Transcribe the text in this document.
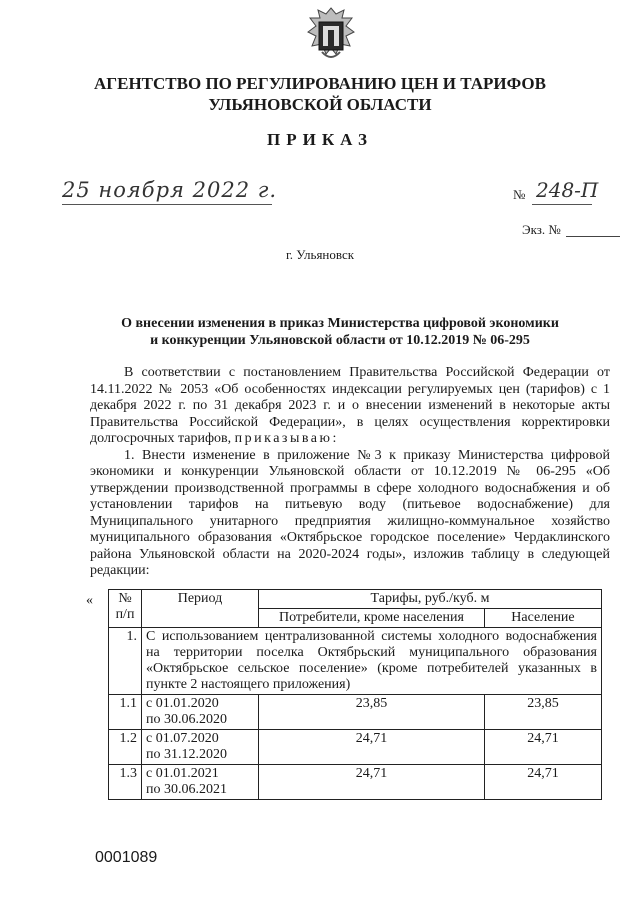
АГЕНТСТВО ПО РЕГУЛИРОВАНИЮ ЦЕН И ТАРИФОВ
УЛЬЯНОВСКОЙ ОБЛАСТИ
ПРИКАЗ
25 ноября 2022 г.	№ 248-П
Экз. №
г. Ульяновск
О внесении изменения в приказ Министерства цифровой экономики
и конкуренции Ульяновской области от 10.12.2019 № 06-295

В соответствии с постановлением Правительства Российской Федерации от 14.11.2022 № 2053 «Об особенностях индексации регулируемых цен (тарифов) с 1 декабря 2022 г. по 31 декабря 2023 г. и о внесении изменений в некоторые акты Правительства Российской Федерации», в целях осуществления корректировки долгосрочных тарифов, приказываю:

1. Внести изменение в приложение №3 к приказу Министерства цифровой экономики и конкуренции Ульяновской области от 10.12.2019 № 06-295 «Об утверждении производственной программы в сфере холодного водоснабжения и об установлении тарифов на питьевую воду (питьевое водоснабжение) для Муниципального унитарного предприятия жилищно-коммунальное хозяйство муниципального образования «Октябрьское городское поселение» Чердаклинского района Ульяновской области на 2020-2024 годы», изложив таблицу в следующей редакции:

« № п/п	Период	Тарифы, руб./куб. м	
		Потребители, кроме населения	Население
1.	С использованием централизованной системы холодного водоснабжения на территории поселка Октябрьский муниципального образования «Октябрьское сельское поселение» (кроме потребителей указанных в пункте 2 настоящего приложения)		
1.1	с 01.01.2020
по 30.06.2020	23,85	23,85
1.2	с 01.07.2020
по 31.12.2020	24,71	24,71
1.3	с 01.01.2021
по 30.06.2021	24,71	24,71
0001089
